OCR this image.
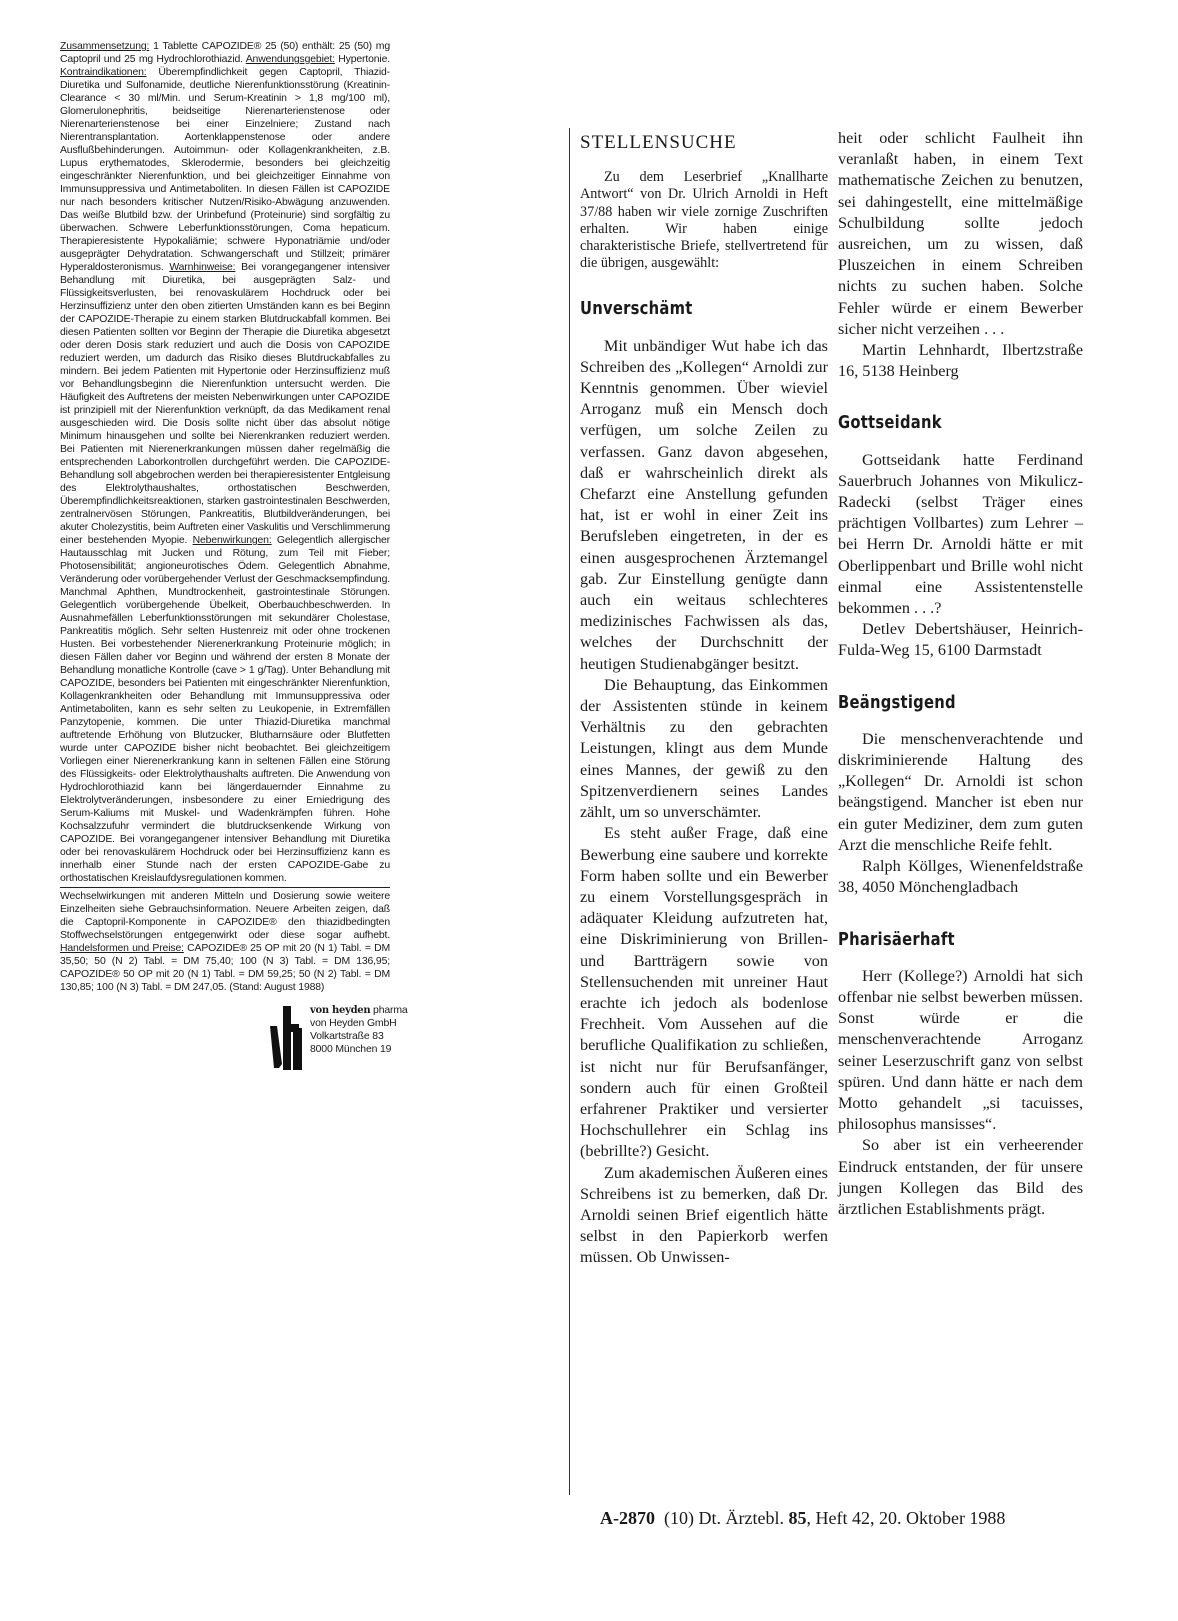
Zusammensetzung: 1 Tablette CAPOZIDE® 25 (50) enthält: 25 (50) mg Captopril und 25 mg Hydrochlorothiazid. Anwendungsgebiet: Hypertonie. Kontraindikationen: Überempfindlichkeit gegen Captopril, Thiazid-Diuretika und Sulfonamide, deutliche Nierenfunktionsstörung (Kreatinin-Clearance < 30 ml/Min. und Serum-Kreatinin > 1,8 mg/100 ml), Glomerulonephritis, beidseitige Nierenarterienstenose oder Nierenarterienstenose bei einer Einzelniere; Zustand nach Nierentransplantation. Aortenklappenstenose oder andere Ausflußbehinderungen. Autoimmun- oder Kollagenkrankheiten, z.B. Lupus erythematodes, Sklerodermie, besonders bei gleichzeitig eingeschränkter Nierenfunktion, und bei gleichzeitiger Einnahme von Immunsuppressiva und Antimetaboliten. In diesen Fällen ist CAPOZIDE nur nach besonders kritischer Nutzen/Risiko-Abwägung anzuwenden. Das weiße Blutbild bzw. der Urinbefund (Proteinurie) sind sorgfältig zu überwachen. Schwere Leberfunktionsstörungen, Coma hepaticum. Therapieresistente Hypokaliämie; schwere Hyponatriämie und/oder ausgeprägter Dehydratation. Schwangerschaft und Stillzeit; primärer Hyperaldosteronismus. Warnhinweise: Bei vorangegangener intensiver Behandlung mit Diuretika, bei ausgeprägten Salz- und Flüssigkeitsverlusten, bei renovaskulärem Hochdruck oder bei Herzinsuffizienz unter den oben zitierten Umständen kann es bei Beginn der CAPOZIDE-Therapie zu einem starken Blutdruckabfall kommen. Bei diesen Patienten sollten vor Beginn der Therapie die Diuretika abgesetzt oder deren Dosis stark reduziert und auch die Dosis von CAPOZIDE reduziert werden, um dadurch das Risiko dieses Blutdruckabfalles zu mindern. Bei jedem Patienten mit Hypertonie oder Herzinsuffizienz muß vor Behandlungsbeginn die Nierenfunktion untersucht werden. Die Häufigkeit des Auftretens der meisten Nebenwirkungen unter CAPOZIDE ist prinzipiell mit der Nierenfunktion verknüpft, da das Medikament renal ausgeschieden wird. Die Dosis sollte nicht über das absolut nötige Minimum hinausgehen und sollte bei Nierenkranken reduziert werden. Bei Patienten mit Nierenerkrankungen müssen daher regelmäßig die entsprechenden Laborkontrollen durchgeführt werden. Die CAPOZIDE-Behandlung soll abgebrochen werden bei therapieresistenter Entgleisung des Elektrolythaushaltes, orthostatischen Beschwerden, Überempfindlichkeitsreaktionen, starken gastrointestinalen Beschwerden, zentralnervösen Störungen, Pankreatitis, Blutbildveränderungen, bei akuter Cholezystitis, beim Auftreten einer Vaskulitis und Verschlimmerung einer bestehenden Myopie. Nebenwirkungen: Gelegentlich allergischer Hautausschlag mit Jucken und Rötung, zum Teil mit Fieber; Photosensibilität; angioneurotisches Ödem. Gelegentlich Abnahme, Veränderung oder vorübergehender Verlust der Geschmacksempfindung. Manchmal Aphthen, Mundtrockenheit, gastrointestinale Störungen. Gelegentlich vorübergehende Übelkeit, Oberbauchbeschwerden. In Ausnahmefällen Leberfunktionsstörungen mit sekundärer Cholestase, Pankreatitis möglich. Sehr selten Hustenreiz mit oder ohne trockenen Husten. Bei vorbestehender Nierenerkrankung Proteinurie möglich; in diesen Fällen daher vor Beginn und während der ersten 8 Monate der Behandlung monatliche Kontrolle (cave > 1 g/Tag). Unter Behandlung mit CAPOZIDE, besonders bei Patienten mit eingeschränkter Nierenfunktion, Kollagenkrankheiten oder Behandlung mit Immunsuppressiva oder Antimetaboliten, kann es sehr selten zu Leukopenie, in Extremfällen Panzytopenie, kommen. Die unter Thiazid-Diuretika manchmal auftretende Erhöhung von Blutzucker, Blutharnsäure oder Blutfetten wurde unter CAPOZIDE bisher nicht beobachtet. Bei gleichzeitigem Vorliegen einer Nierenerkrankung kann in seltenen Fällen eine Störung des Flüssigkeits- oder Elektrolythaushalts auftreten. Die Anwendung von Hydrochlorothiazid kann bei längerdauernder Einnahme zu Elektrolytveränderungen, insbesondere zu einer Erniedrigung des Serum-Kaliums mit Muskel- und Wadenkrämpfen führen. Hohe Kochsalzzufuhr vermindert die blutdrucksenkende Wirkung von CAPOZIDE. Bei vorangegangener intensiver Behandlung mit Diuretika oder bei renovaskulärem Hochdruck oder bei Herzinsuffizienz kann es innerhalb einer Stunde nach der ersten CAPOZIDE-Gabe zu orthostatischen Kreislaufdysregulationen kommen.

Wechselwirkungen mit anderen Mitteln und Dosierung sowie weitere Einzelheiten siehe Gebrauchsinformation. Neuere Arbeiten zeigen, daß die Captopril-Komponente in CAPOZIDE® den thiazidbedingten Stoffwechselstörungen entgegenwirkt oder diese sogar aufhebt. Handelsformen und Preise: CAPOZIDE® 25 OP mit 20 (N 1) Tabl. = DM 35,50; 50 (N 2) Tabl. = DM 75,40; 100 (N 3) Tabl. = DM 136,95; CAPOZIDE® 50 OP mit 20 (N 1) Tabl. = DM 59,25; 50 (N 2) Tabl. = DM 130,85; 100 (N 3) Tabl. = DM 247,05. (Stand: August 1988)

von heyden pharma
von Heyden GmbH
Volkartstraße 83
8000 München 19
STELLENSUCHE

Zu dem Leserbrief „Knallharte Antwort“ von Dr. Ulrich Arnoldi in Heft 37/88 haben wir viele zornige Zuschriften erhalten. Wir haben einige charakteristische Briefe, stellvertretend für die übrigen, ausgewählt:

Unverschämt

Mit unbändiger Wut habe ich das Schreiben des „Kollegen“ Arnoldi zur Kenntnis genommen. Über wieviel Arroganz muß ein Mensch doch verfügen, um solche Zeilen zu verfassen. Ganz davon abgesehen, daß er wahrscheinlich direkt als Chefarzt eine Anstellung gefunden hat, ist er wohl in einer Zeit ins Berufsleben eingetreten, in der es einen ausgesprochenen Ärztemangel gab. Zur Einstellung genügte dann auch ein weitaus schlechteres medizinisches Fachwissen als das, welches der Durchschnitt der heutigen Studienabgänger besitzt.

Die Behauptung, das Einkommen der Assistenten stünde in keinem Verhältnis zu den gebrachten Leistungen, klingt aus dem Munde eines Mannes, der gewiß zu den Spitzenverdienern seines Landes zählt, um so unverschämter.

Es steht außer Frage, daß eine Bewerbung eine saubere und korrekte Form haben sollte und ein Bewerber zu einem Vorstellungsgespräch in adäquater Kleidung aufzutreten hat, eine Diskriminierung von Brillen- und Bartträgern sowie von Stellensuchenden mit unreiner Haut erachte ich jedoch als bodenlose Frechheit. Vom Aussehen auf die berufliche Qualifikation zu schließen, ist nicht nur für Berufsanfänger, sondern auch für einen Großteil erfahrener Praktiker und versierter Hochschullehrer ein Schlag ins (bebrillte?) Gesicht.

Zum akademischen Äußeren eines Schreibens ist zu bemerken, daß Dr. Arnoldi seinen Brief eigentlich hätte selbst in den Papierkorb werfen müssen. Ob Unwissen-

heit oder schlicht Faulheit ihn veranlaßt haben, in einem Text mathematische Zeichen zu benutzen, sei dahingestellt, eine mittelmäßige Schulbildung sollte jedoch ausreichen, um zu wissen, daß Pluszeichen in einem Schreiben nichts zu suchen haben. Solche Fehler würde er einem Bewerber sicher nicht verzeihen . . .

Martin Lehnhardt, Ilbertzstraße 16, 5138 Heinberg

Gottseidank

Gottseidank hatte Ferdinand Sauerbruch Johannes von Mikulicz-Radecki (selbst Träger eines prächtigen Vollbartes) zum Lehrer – bei Herrn Dr. Arnoldi hätte er mit Oberlippenbart und Brille wohl nicht einmal eine Assistentenstelle bekommen . . .?

Detlev Debertshäuser, Heinrich-Fulda-Weg 15, 6100 Darmstadt

Beängstigend

Die menschenverachtende und diskriminierende Haltung des „Kollegen“ Dr. Arnoldi ist schon beängstigend. Mancher ist eben nur ein guter Mediziner, dem zum guten Arzt die menschliche Reife fehlt.

Ralph Köllges, Wienenfeldstraße 38, 4050 Mönchengladbach

Pharisäerhaft

Herr (Kollege?) Arnoldi hat sich offenbar nie selbst bewerben müssen. Sonst würde er die menschenverachtende Arroganz seiner Leserzuschrift ganz von selbst spüren. Und dann hätte er nach dem Motto gehandelt „si tacuisses, philosophus mansisses“.

So aber ist ein verheerender Eindruck entstanden, der für unsere jungen Kollegen das Bild des ärztlichen Establishments prägt.

A-2870  (10) Dt. Ärztebl. 85, Heft 42, 20. Oktober 1988
